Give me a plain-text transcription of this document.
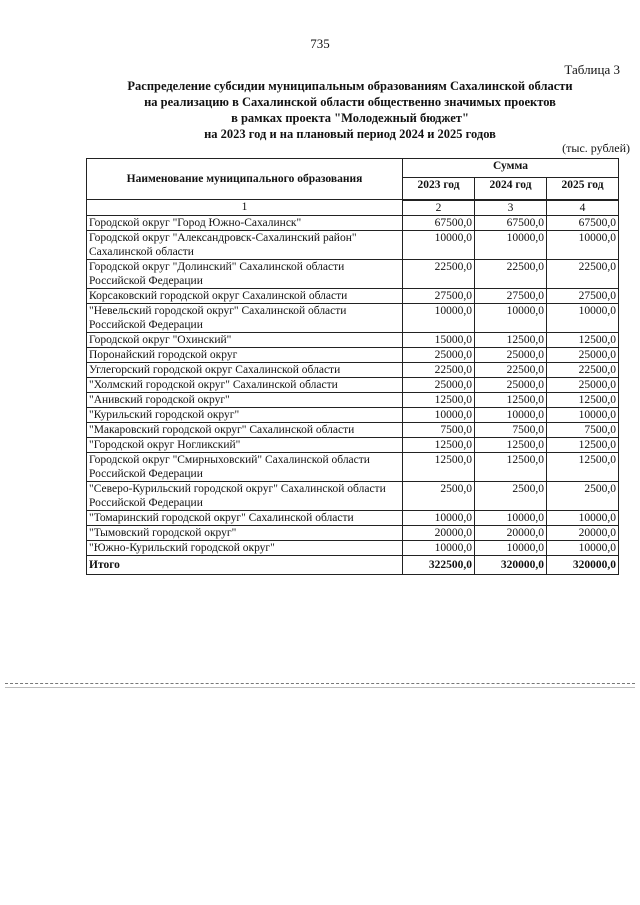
735
Таблица 3
Распределение субсидии муниципальным образованиям Сахалинской области
на реализацию в Сахалинской области общественно значимых проектов
в рамках проекта "Молодежный бюджет"
на 2023 год и на плановый период 2024 и 2025 годов
(тыс. рублей)
Наименование муниципального образования	Сумма		
	2023 год	2024 год	2025 год
1	2	3	4
Городской округ "Город Южно-Сахалинск"	67500,0	67500,0	67500,0
Городской округ "Александровск-Сахалинский район" Сахалинской области	10000,0	10000,0	10000,0
Городской округ "Долинский" Сахалинской области Российской Федерации	22500,0	22500,0	22500,0
Корсаковский городской округ Сахалинской области	27500,0	27500,0	27500,0
"Невельский городской округ" Сахалинской области Российской Федерации	10000,0	10000,0	10000,0
Городской округ "Охинский"	15000,0	12500,0	12500,0
Поронайский городской округ	25000,0	25000,0	25000,0
Углегорский городской округ Сахалинской области	22500,0	22500,0	22500,0
"Холмский городской округ" Сахалинской области	25000,0	25000,0	25000,0
"Анивский городской округ"	12500,0	12500,0	12500,0
"Курильский городской округ"	10000,0	10000,0	10000,0
"Макаровский городской округ" Сахалинской области	7500,0	7500,0	7500,0
"Городской округ Ногликский"	12500,0	12500,0	12500,0
Городской округ "Смирныховский" Сахалинской области Российской Федерации	12500,0	12500,0	12500,0
"Северо-Курильский городской округ" Сахалинской области Российской Федерации	2500,0	2500,0	2500,0
"Томаринский городской округ" Сахалинской области	10000,0	10000,0	10000,0
"Тымовский городской округ"	20000,0	20000,0	20000,0
"Южно-Курильский городской округ"	10000,0	10000,0	10000,0
Итого	322500,0	320000,0	320000,0
